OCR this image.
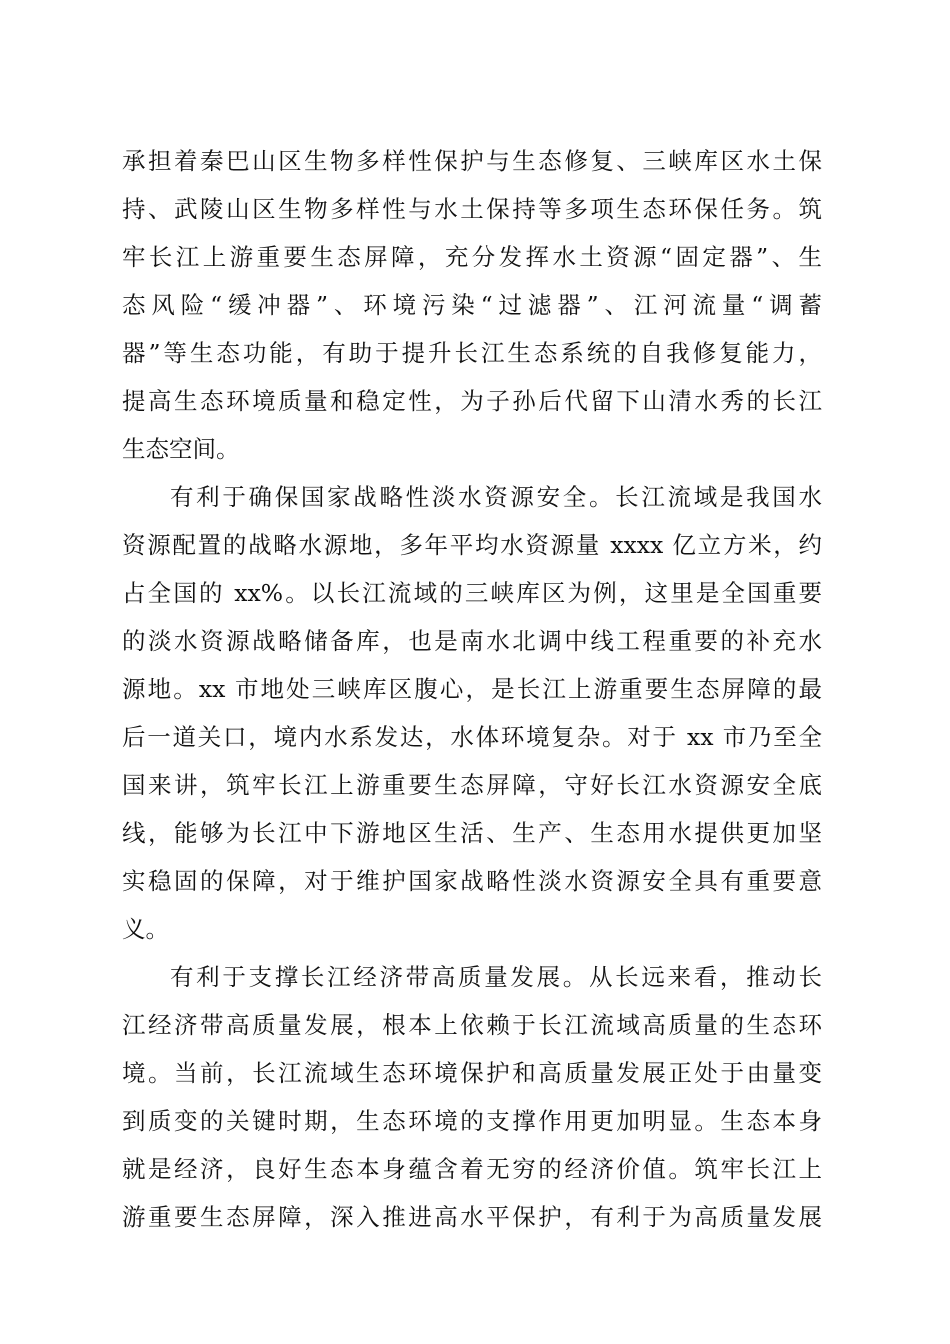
承担着秦巴山区生物多样性保护与生态修复、三峡库区水土保
持、武陵山区生物多样性与水土保持等多项生态环保任务。筑
牢长江上游重要生态屏障，充分发挥水土资源“固定器”、生
态风险“缓冲器”、环境污染“过滤器”、江河流量“调蓄
器”等生态功能，有助于提升长江生态系统的自我修复能力，
提高生态环境质量和稳定性，为子孙后代留下山清水秀的长江
生态空间。
有利于确保国家战略性淡水资源安全。长江流域是我国水
资源配置的战略水源地，多年平均水资源量 xxxx 亿立方米，约
占全国的 xx%。以长江流域的三峡库区为例，这里是全国重要
的淡水资源战略储备库，也是南水北调中线工程重要的补充水
源地。xx 市地处三峡库区腹心，是长江上游重要生态屏障的最
后一道关口，境内水系发达，水体环境复杂。对于 xx 市乃至全
国来讲，筑牢长江上游重要生态屏障，守好长江水资源安全底
线，能够为长江中下游地区生活、生产、生态用水提供更加坚
实稳固的保障，对于维护国家战略性淡水资源安全具有重要意
义。
有利于支撑长江经济带高质量发展。从长远来看，推动长
江经济带高质量发展，根本上依赖于长江流域高质量的生态环
境。当前，长江流域生态环境保护和高质量发展正处于由量变
到质变的关键时期，生态环境的支撑作用更加明显。生态本身
就是经济，良好生态本身蕴含着无穷的经济价值。筑牢长江上
游重要生态屏障，深入推进高水平保护，有利于为高质量发展
